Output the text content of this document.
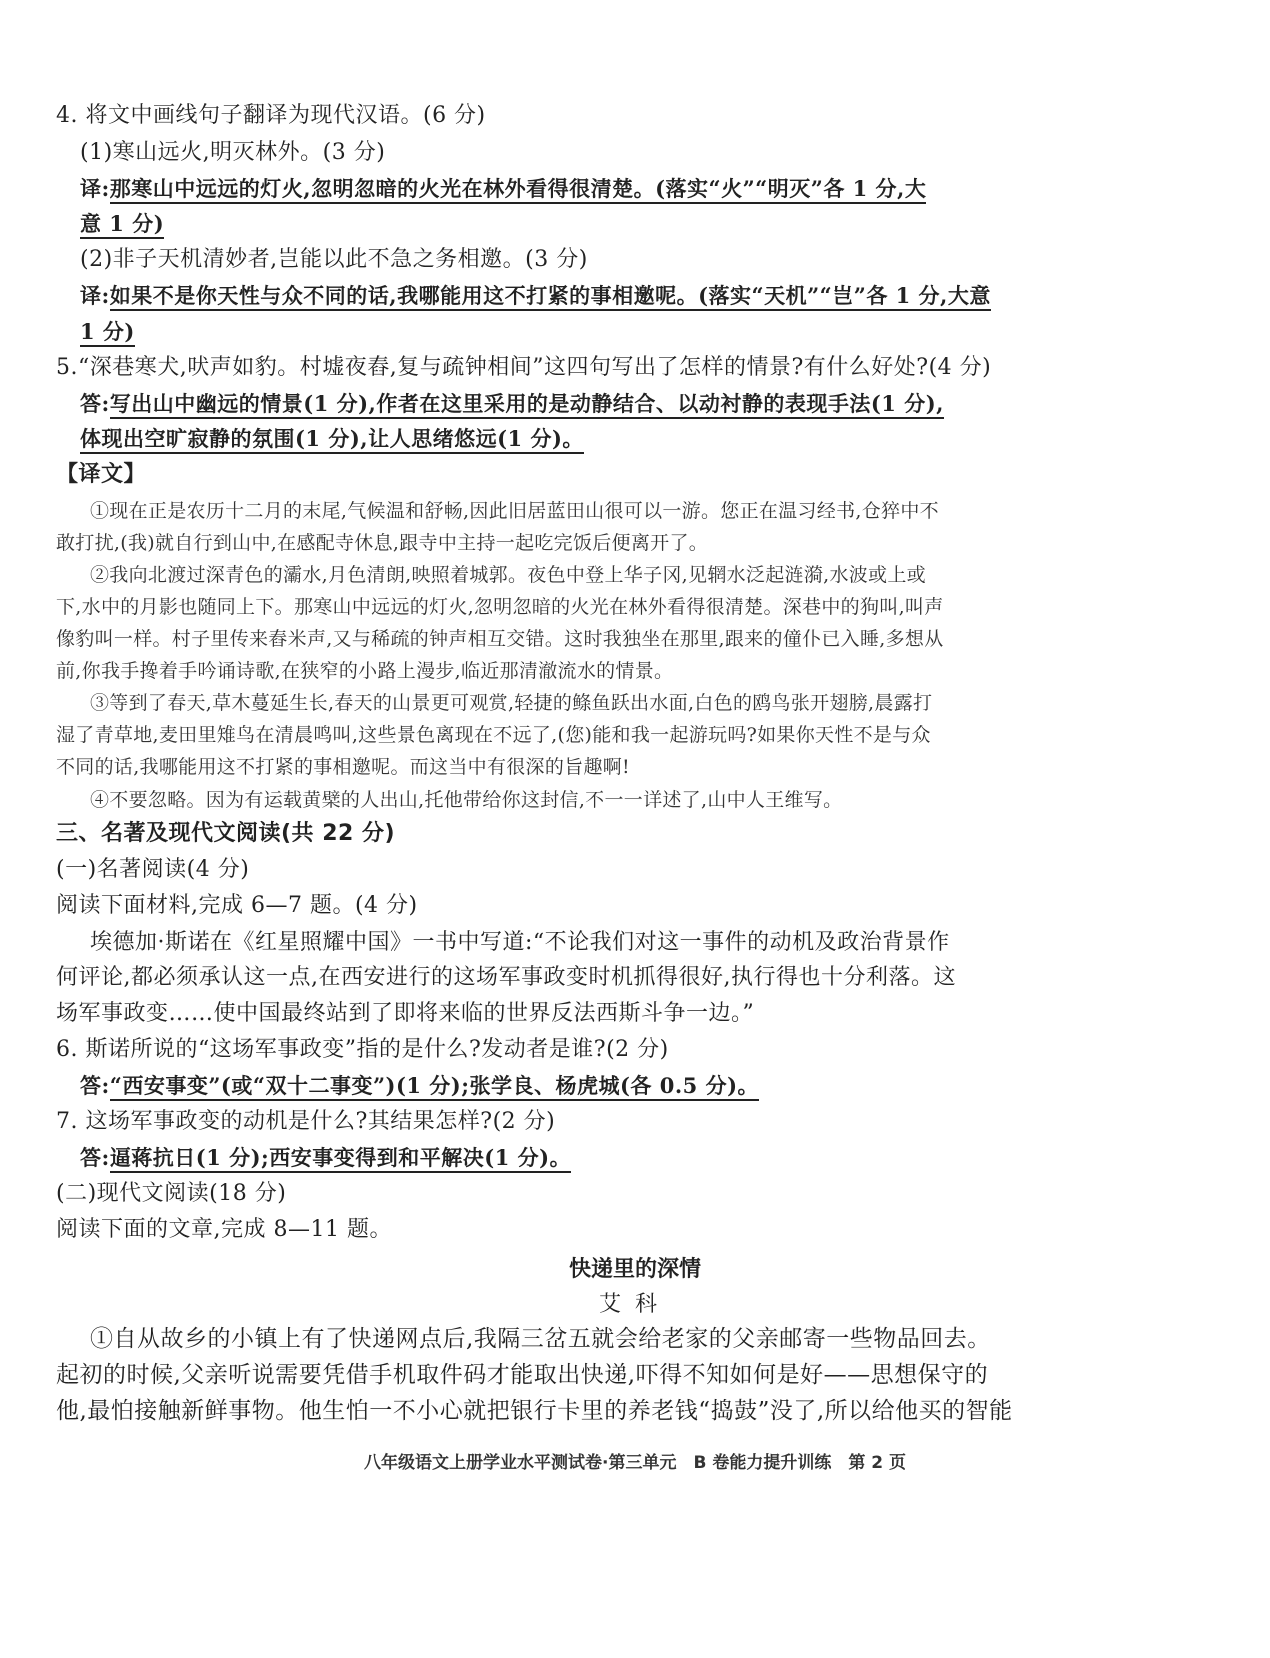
4. 将文中画线句子翻译为现代汉语。(6 分)
(1)寒山远火,明灭林外。(3 分)
译:那寒山中远远的灯火,忽明忽暗的火光在林外看得很清楚。(落实“火”“明灭”各 1 分,大
意 1 分)
(2)非子天机清妙者,岂能以此不急之务相邀。(3 分)
译:如果不是你天性与众不同的话,我哪能用这不打紧的事相邀呢。(落实“天机”“岂”各 1 分,大意
1 分)
5.“深巷寒犬,吠声如豹。村墟夜舂,复与疏钟相间”这四句写出了怎样的情景?有什么好处?(4 分)
答:写出山中幽远的情景(1 分),作者在这里采用的是动静结合、以动衬静的表现手法(1 分),
体现出空旷寂静的氛围(1 分),让人思绪悠远(1 分)。
【译文】
①现在正是农历十二月的末尾,气候温和舒畅,因此旧居蓝田山很可以一游。您正在温习经书,仓猝中不
敢打扰,(我)就自行到山中,在感配寺休息,跟寺中主持一起吃完饭后便离开了。
②我向北渡过深青色的灞水,月色清朗,映照着城郭。夜色中登上华子冈,见辋水泛起涟漪,水波或上或
下,水中的月影也随同上下。那寒山中远远的灯火,忽明忽暗的火光在林外看得很清楚。深巷中的狗叫,叫声
像豹叫一样。村子里传来舂米声,又与稀疏的钟声相互交错。这时我独坐在那里,跟来的僮仆已入睡,多想从
前,你我手搀着手吟诵诗歌,在狭窄的小路上漫步,临近那清澈流水的情景。
③等到了春天,草木蔓延生长,春天的山景更可观赏,轻捷的鲦鱼跃出水面,白色的鸥鸟张开翅膀,晨露打
湿了青草地,麦田里雉鸟在清晨鸣叫,这些景色离现在不远了,(您)能和我一起游玩吗?如果你天性不是与众
不同的话,我哪能用这不打紧的事相邀呢。而这当中有很深的旨趣啊!
④不要忽略。因为有运载黄檗的人出山,托他带给你这封信,不一一详述了,山中人王维写。
三、名著及现代文阅读(共 22 分)
(一)名著阅读(4 分)
阅读下面材料,完成 6—7 题。(4 分)
埃德加·斯诺在《红星照耀中国》一书中写道:“不论我们对这一事件的动机及政治背景作
何评论,都必须承认这一点,在西安进行的这场军事政变时机抓得很好,执行得也十分利落。这
场军事政变……使中国最终站到了即将来临的世界反法西斯斗争一边。”
6. 斯诺所说的“这场军事政变”指的是什么?发动者是谁?(2 分)
答:“西安事变”(或“双十二事变”)(1 分);张学良、杨虎城(各 0.5 分)。
7. 这场军事政变的动机是什么?其结果怎样?(2 分)
答:逼蒋抗日(1 分);西安事变得到和平解决(1 分)。
(二)现代文阅读(18 分)
阅读下面的文章,完成 8—11 题。
快递里的深情
艾科
①自从故乡的小镇上有了快递网点后,我隔三岔五就会给老家的父亲邮寄一些物品回去。
起初的时候,父亲听说需要凭借手机取件码才能取出快递,吓得不知如何是好——思想保守的
他,最怕接触新鲜事物。他生怕一不小心就把银行卡里的养老钱“捣鼓”没了,所以给他买的智能
八年级语文上册学业水平测试卷·第三单元　B 卷能力提升训练　第 2 页
